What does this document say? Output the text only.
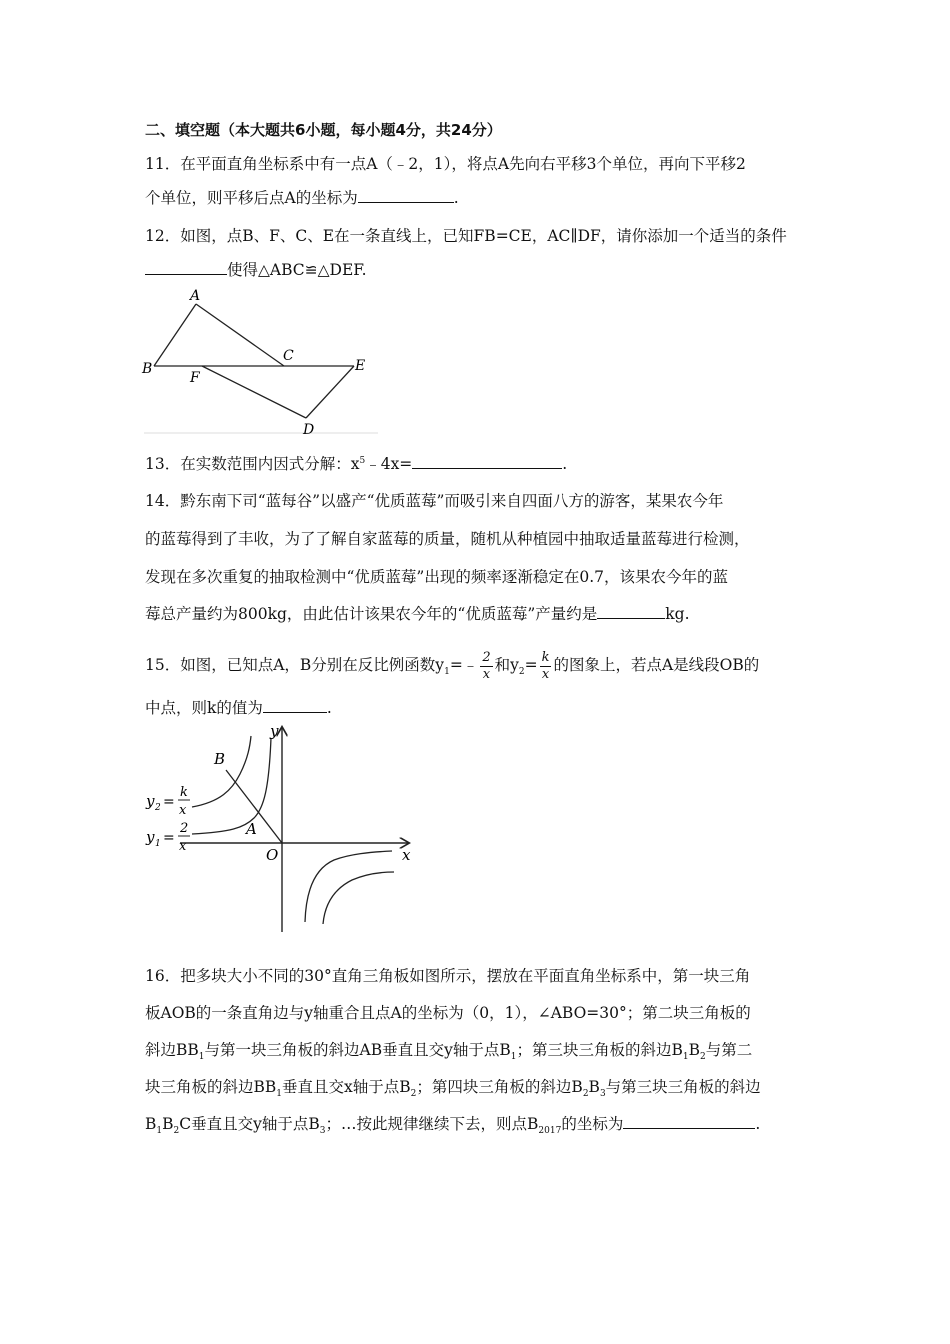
二、填空题（本大题共6小题，每小题4分，共24分）
11．在平面直角坐标系中有一点A（﹣2，1），将点A先向右平移3个单位，再向下平移2
个单位，则平移后点A的坐标为	.
12．如图，点B、F、C、E在一条直线上，已知FB=CE，AC∥DF，请你添加一个适当的条件
使得△ABC≌△DEF.
A
B
C
D
E
F
13．在实数范围内因式分解：$x^5﹣4x=$	.
14．黔东南下司“蓝每谷”以盛产“优质蓝莓”而吸引来自四面八方的游客，某果农今年
的蓝莓得到了丰收，为了了解自家蓝莓的质量，随机从种植园中抽取适量蓝莓进行检测，
发现在多次重复的抽取检测中“优质蓝莓”出现的频率逐渐稳定在0.7，该果农今年的蓝
莓总产量约为800kg，由此估计该果农今年的“优质蓝莓”产量约是	kg.
15．如图，已知点A，B分别在反比例函数$y_1=﹣ \frac{2}{x}$ 和$y_2= \frac{k}{x}$ 的图象上，若点A是线段OB的
中点，则k的值为	.
B
A
O	x
y
y 2 =
k
x
y 1 =
2
x
16．把多块大小不同的30°直角三角板如图所示，摆放在平面直角坐标系中，第一块三角
板AOB的一条直角边与y轴重合且点A的坐标为（0，1），∠ABO=30°；第二块三角板的
斜边$BB_1$与第一块三角板的斜边AB垂直且交y轴于点$B_1$；第三块三角板的斜边$B_1B_2$与第二
块三角板的斜边$BB_1$垂直且交x轴于点$B_2$；第四块三角板的斜边$B_2B_3$与第三块三角板的斜边
$B_1B_2C$垂直且交y轴于点$B_3$；…按此规律继续下去，则点$B_{2017}$的坐标为	.
